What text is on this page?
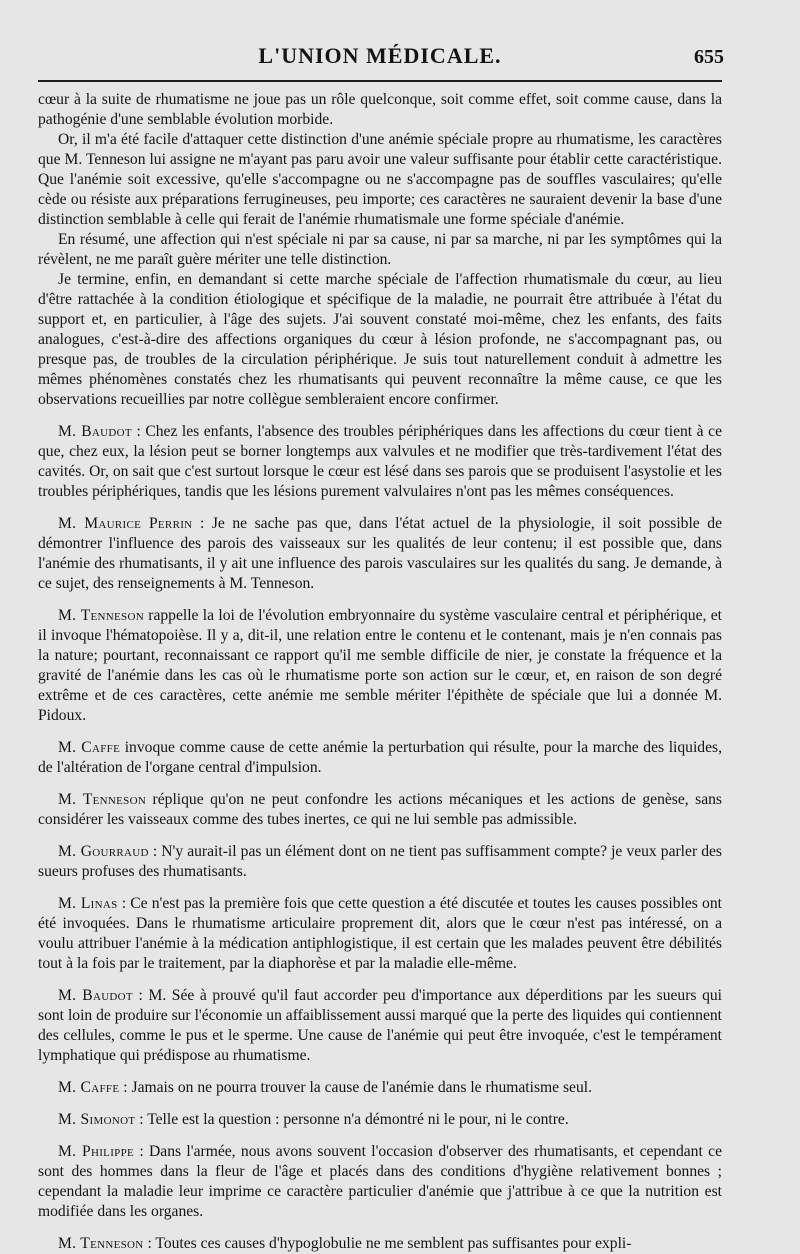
L'UNION MÉDICALE.	655

cœur à la suite de rhumatisme ne joue pas un rôle quelconque, soit comme effet, soit comme cause, dans la pathogénie d'une semblable évolution morbide.

Or, il m'a été facile d'attaquer cette distinction d'une anémie spéciale propre au rhumatisme, les caractères que M. Tenneson lui assigne ne m'ayant pas paru avoir une valeur suffisante pour établir cette caractéristique. Que l'anémie soit excessive, qu'elle s'accompagne ou ne s'accompagne pas de souffles vasculaires; qu'elle cède ou résiste aux préparations ferrugineuses, peu importe; ces caractères ne sauraient devenir la base d'une distinction semblable à celle qui ferait de l'anémie rhumatismale une forme spéciale d'anémie.

En résumé, une affection qui n'est spéciale ni par sa cause, ni par sa marche, ni par les symptômes qui la révèlent, ne me paraît guère mériter une telle distinction.

Je termine, enfin, en demandant si cette marche spéciale de l'affection rhumatismale du cœur, au lieu d'être rattachée à la condition étiologique et spécifique de la maladie, ne pourrait être attribuée à l'état du support et, en particulier, à l'âge des sujets. J'ai souvent constaté moi-même, chez les enfants, des faits analogues, c'est-à-dire des affections organiques du cœur à lésion profonde, ne s'accompagnant pas, ou presque pas, de troubles de la circulation périphérique. Je suis tout naturellement conduit à admettre les mêmes phénomènes constatés chez les rhumatisants qui peuvent reconnaître la même cause, ce que les observations recueillies par notre collègue sembleraient encore confirmer.

M. Baudot : Chez les enfants, l'absence des troubles périphériques dans les affections du cœur tient à ce que, chez eux, la lésion peut se borner longtemps aux valvules et ne modifier que très-tardivement l'état des cavités. Or, on sait que c'est surtout lorsque le cœur est lésé dans ses parois que se produisent l'asystolie et les troubles périphériques, tandis que les lésions purement valvulaires n'ont pas les mêmes conséquences.

M. Maurice Perrin : Je ne sache pas que, dans l'état actuel de la physiologie, il soit possible de démontrer l'influence des parois des vaisseaux sur les qualités de leur contenu; il est possible que, dans l'anémie des rhumatisants, il y ait une influence des parois vasculaires sur les qualités du sang. Je demande, à ce sujet, des renseignements à M. Tenneson.

M. Tenneson rappelle la loi de l'évolution embryonnaire du système vasculaire central et périphérique, et il invoque l'hématopoièse. Il y a, dit-il, une relation entre le contenu et le contenant, mais je n'en connais pas la nature; pourtant, reconnaissant ce rapport qu'il me semble difficile de nier, je constate la fréquence et la gravité de l'anémie dans les cas où le rhumatisme porte son action sur le cœur, et, en raison de son degré extrême et de ces caractères, cette anémie me semble mériter l'épithète de spéciale que lui a donnée M. Pidoux.

M. Caffe invoque comme cause de cette anémie la perturbation qui résulte, pour la marche des liquides, de l'altération de l'organe central d'impulsion.

M. Tenneson réplique qu'on ne peut confondre les actions mécaniques et les actions de genèse, sans considérer les vaisseaux comme des tubes inertes, ce qui ne lui semble pas admissible.

M. Gourraud : N'y aurait-il pas un élément dont on ne tient pas suffisamment compte? je veux parler des sueurs profuses des rhumatisants.

M. Linas : Ce n'est pas la première fois que cette question a été discutée et toutes les causes possibles ont été invoquées. Dans le rhumatisme articulaire proprement dit, alors que le cœur n'est pas intéressé, on a voulu attribuer l'anémie à la médication antiphlogistique, il est certain que les malades peuvent être débilités tout à la fois par le traitement, par la diaphorèse et par la maladie elle-même.

M. Baudot : M. Sée à prouvé qu'il faut accorder peu d'importance aux déperditions par les sueurs qui sont loin de produire sur l'économie un affaiblissement aussi marqué que la perte des liquides qui contiennent des cellules, comme le pus et le sperme. Une cause de l'anémie qui peut être invoquée, c'est le tempérament lymphatique qui prédispose au rhumatisme.

M. Caffe : Jamais on ne pourra trouver la cause de l'anémie dans le rhumatisme seul.

M. Simonot : Telle est la question : personne n'a démontré ni le pour, ni le contre.

M. Philippe : Dans l'armée, nous avons souvent l'occasion d'observer des rhumatisants, et cependant ce sont des hommes dans la fleur de l'âge et placés dans des conditions d'hygiène relativement bonnes ; cependant la maladie leur imprime ce caractère particulier d'anémie que j'attribue à ce que la nutrition est modifiée dans les organes.

M. Tenneson : Toutes ces causes d'hypoglobulie ne me semblent pas suffisantes pour expli-
